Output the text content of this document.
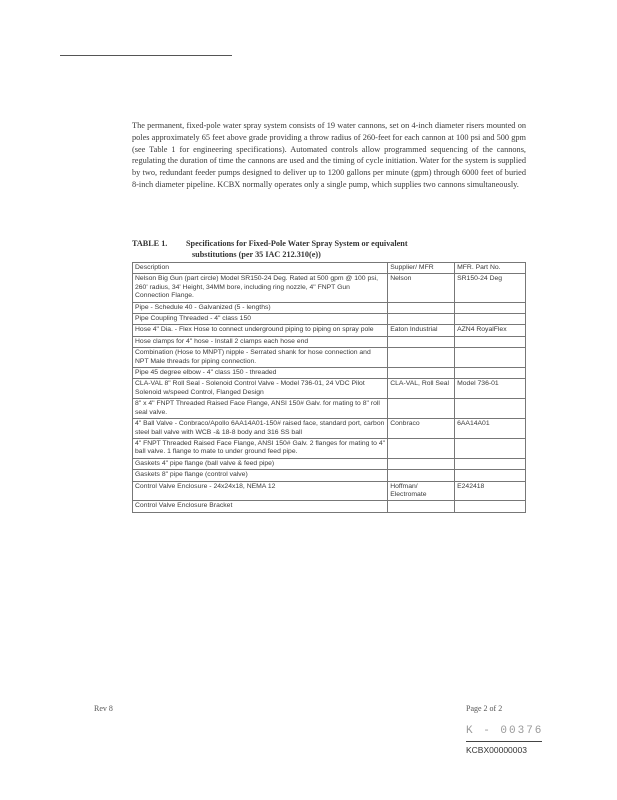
The permanent, fixed-pole water spray system consists of 19 water cannons, set on 4-inch diameter risers mounted on poles approximately 65 feet above grade providing a throw radius of 260-feet for each cannon at 100 psi and 500 gpm (see Table 1 for engineering specifications). Automated controls allow programmed sequencing of the cannons, regulating the duration of time the cannons are used and the timing of cycle initiation. Water for the system is supplied by two, redundant feeder pumps designed to deliver up to 1200 gallons per minute (gpm) through 6000 feet of buried 8-inch diameter pipeline. KCBX normally operates only a single pump, which supplies two cannons simultaneously.

TABLE 1. Specifications for Fixed-Pole Water Spray System or equivalent
substitutions (per 35 IAC 212.310(e))
Description	Supplier/ MFR	MFR. Part No.
Nelson Big Gun (part circle) Model SR150-24 Deg. Rated at 500 gpm @ 100 psi, 260' radius, 34' Height, 34MM bore, including ring nozzle, 4" FNPT Gun Connection Flange.	Nelson	SR150-24 Deg
Pipe - Schedule 40 - Galvanized (5 - lengths)		
Pipe Coupling Threaded - 4" class 150		
Hose 4" Dia. - Flex Hose to connect underground piping to piping on spray pole	Eaton Industrial	AZN4 RoyalFlex
Hose clamps for 4" hose - Install 2 clamps each hose end		
Combination (Hose to MNPT) nipple - Serrated shank for hose connection and NPT Male threads for piping connection.		
Pipe 45 degree elbow - 4" class 150 - threaded		
CLA-VAL 8" Roll Seal - Solenoid Control Valve - Model 736-01, 24 VDC Pilot Solenoid w/speed Control, Flanged Design	CLA-VAL, Roll Seal	Model 736-01
8" x 4" FNPT Threaded Raised Face Flange, ANSI 150# Galv. for mating to 8" roll seal valve.		
4" Ball Valve - Conbraco/Apollo 6AA14A01-150# raised face, standard port, carbon steel ball valve with WCB -& 18-8 body and 316 SS ball	Conbraco	6AA14A01
4" FNPT Threaded Raised Face Flange, ANSI 150# Galv. 2 flanges for mating to 4" ball valve. 1 flange to mate to under ground feed pipe.		
Gaskets 4" pipe flange (ball valve & feed pipe)		
Gaskets 8" pipe flange (control valve)		
Control Valve Enclosure - 24x24x18, NEMA 12	Hoffman/ Electromate	E242418
Control Valve Enclosure Bracket		
Rev 8	Page 2 of 2
K - 00376
KCBX00000003
